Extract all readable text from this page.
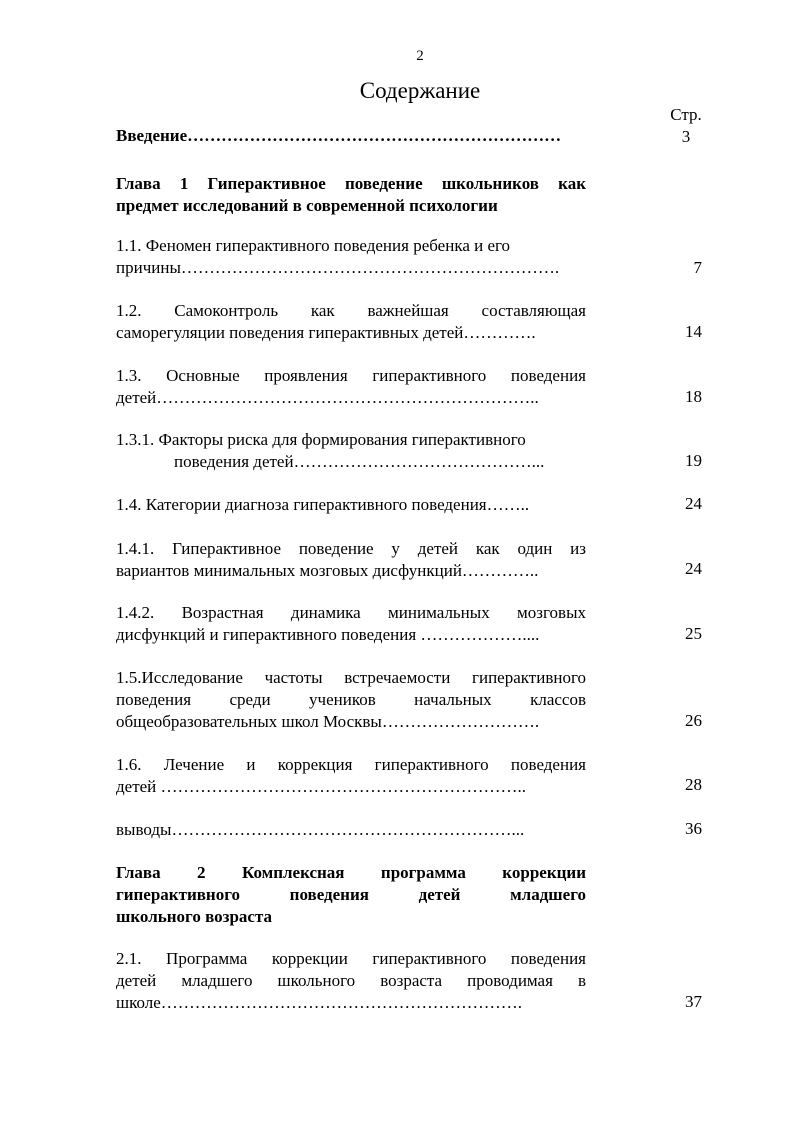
2
Содержание
Стр.
Введение…………………………………………………………	3
Глава 1 Гиперактивное поведение школьников как
предмет исследований в современной психологии
1.1. Феномен гиперактивного поведения ребенка и его
причины………………………………………………………….	7
1.2. Самоконтроль как важнейшая составляющая
саморегуляции поведения гиперактивных детей………….	14
1.3. Основные проявления гиперактивного поведения
детей…………………………………………………………..	18
1.3.1. Факторы риска для формирования гиперактивного
поведения детей……………………………………...	19
1.4. Категории диагноза гиперактивного поведения……..	24
1.4.1. Гиперактивное поведение у детей как один из
вариантов минимальных мозговых дисфункций…………..	24
1.4.2. Возрастная динамика минимальных мозговых
дисфункций и гиперактивного поведения ………………....	25
1.5.Исследование частоты встречаемости гиперактивного
поведения среди учеников начальных классов
общеобразовательных школ Москвы……………………….	26
1.6. Лечение и коррекция гиперактивного поведения
детей ………………………………………………………..	28
выводы……………………………………………………...	36
Глава 2 Комплексная программа коррекции
гиперактивного поведения детей младшего
школьного возраста
2.1. Программа коррекции гиперактивного поведения
детей младшего школьного возраста проводимая в
школе……………………………………………………….	37
